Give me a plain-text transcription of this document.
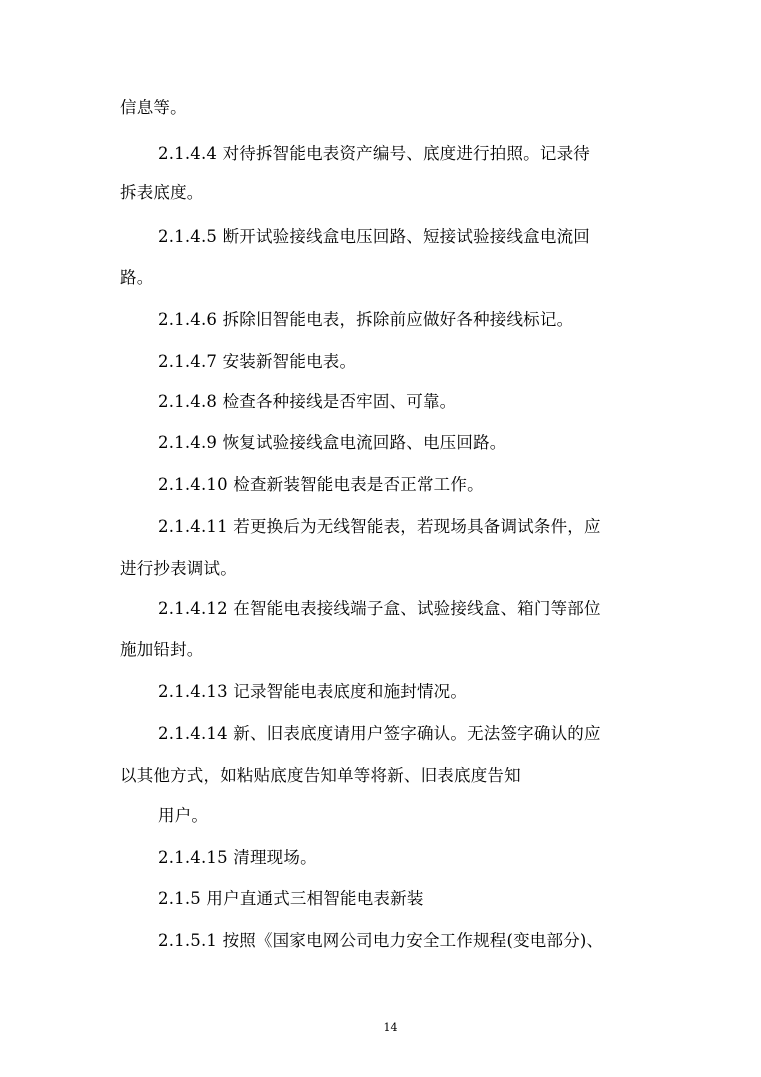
信息等。
2.1.4.4 对待拆智能电表资产编号、底度进行拍照。记录待
拆表底度。
2.1.4.5 断开试验接线盒电压回路、短接试验接线盒电流回
路。
2.1.4.6 拆除旧智能电表，拆除前应做好各种接线标记。
2.1.4.7 安装新智能电表。
2.1.4.8 检查各种接线是否牢固、可靠。
2.1.4.9 恢复试验接线盒电流回路、电压回路。
2.1.4.10 检查新装智能电表是否正常工作。
2.1.4.11 若更换后为无线智能表，若现场具备调试条件，应
进行抄表调试。
2.1.4.12 在智能电表接线端子盒、试验接线盒、箱门等部位
施加铅封。
2.1.4.13 记录智能电表底度和施封情况。
2.1.4.14 新、旧表底度请用户签字确认。无法签字确认的应
以其他方式，如粘贴底度告知单等将新、旧表底度告知
用户。
2.1.4.15 清理现场。
2.1.5 用户直通式三相智能电表新装
2.1.5.1 按照《国家电网公司电力安全工作规程(变电部分)、
14
